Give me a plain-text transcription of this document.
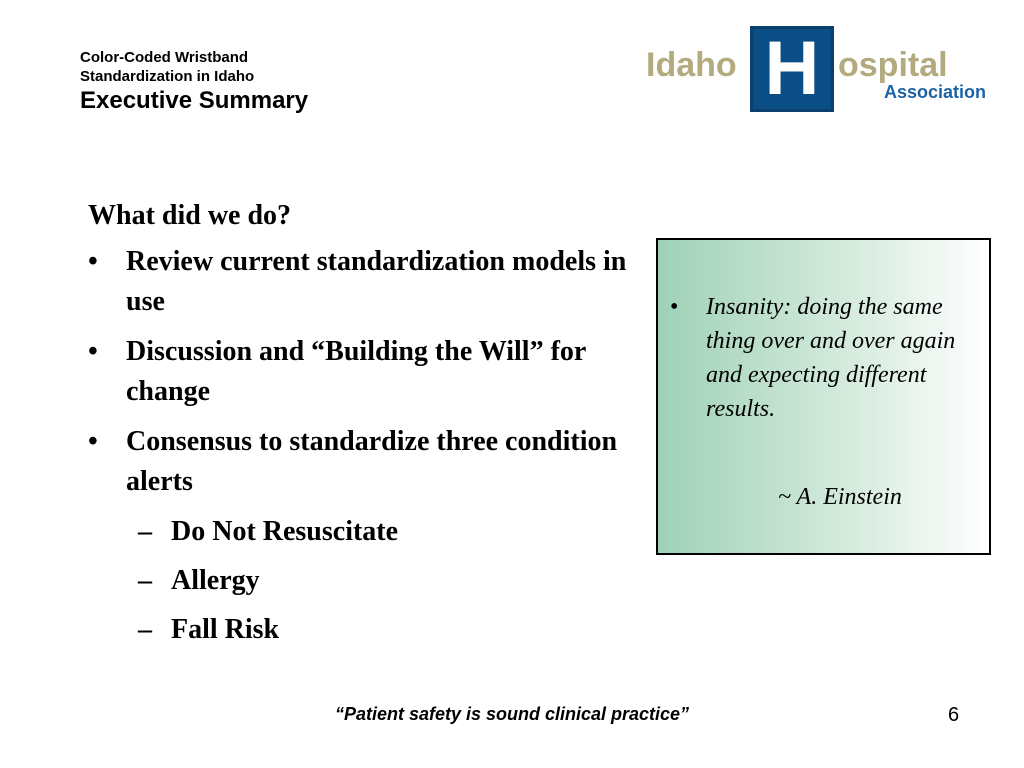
Color-Coded Wristband
Standardization in Idaho
Executive Summary
Idaho H ospital
Association
What did we do?
• Review current standardization models in use
• Discussion and “Building the Will” for change
• Consensus to standardize three condition alerts
– Do Not Resuscitate
– Allergy
– Fall Risk
• Insanity: doing the same thing over and over again and expecting different results.
~ A. Einstein
“Patient safety is sound clinical practice”	6
